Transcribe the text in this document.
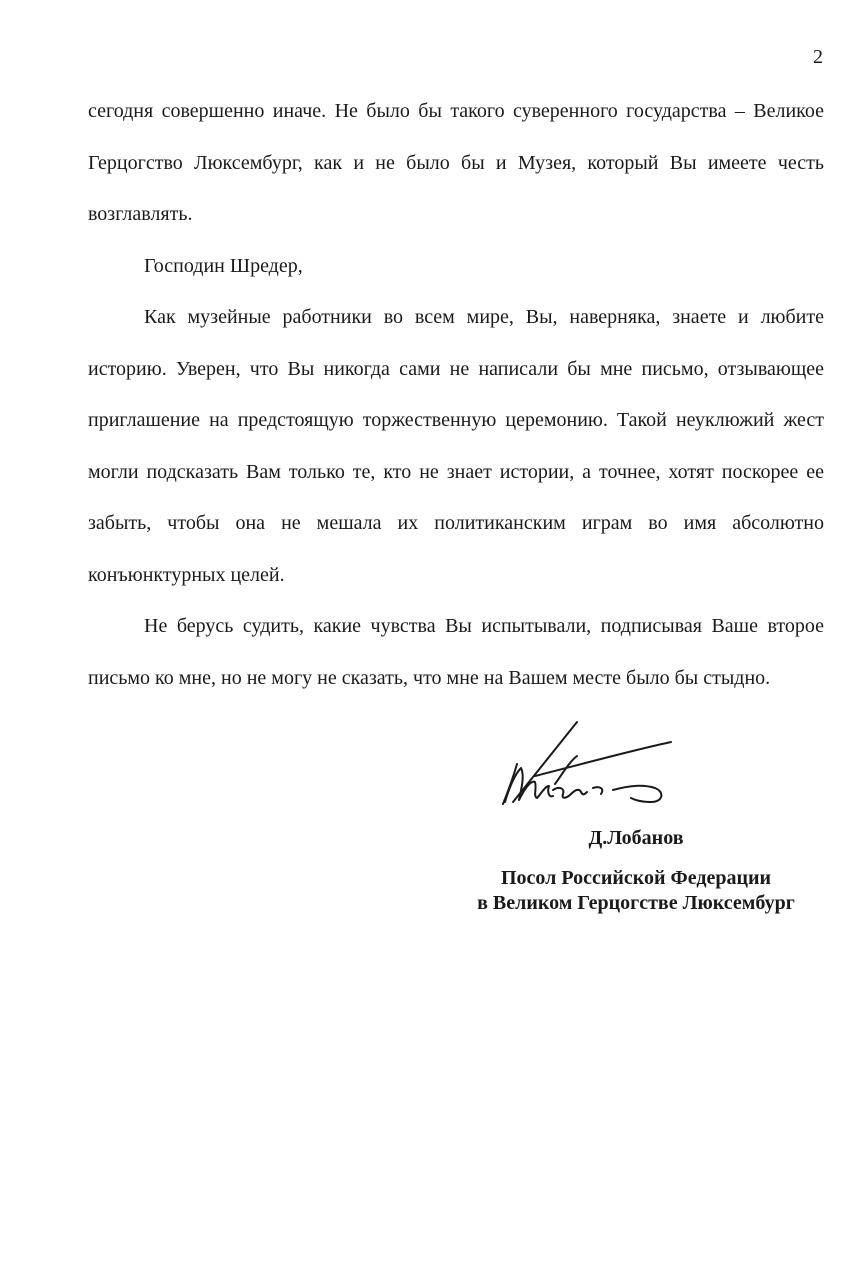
2

сегодня совершенно иначе. Не было бы такого суверенного государства – Великое Герцогство Люксембург, как и не было бы и Музея, который Вы имеете честь возглавлять.

Господин Шредер,

Как музейные работники во всем мире, Вы, наверняка, знаете и любите историю. Уверен, что Вы никогда сами не написали бы мне письмо, отзывающее приглашение на предстоящую торжественную церемонию. Такой неуклюжий жест могли подсказать Вам только те, кто не знает истории, а точнее, хотят поскорее ее забыть, чтобы она не мешала их политиканским играм во имя абсолютно конъюнктурных целей.

Не берусь судить, какие чувства Вы испытывали, подписывая Ваше второе письмо ко мне, но не могу не сказать, что мне на Вашем месте было бы стыдно.

Д.Лобанов

Посол Российской Федерации

в Великом Герцогстве Люксембург
